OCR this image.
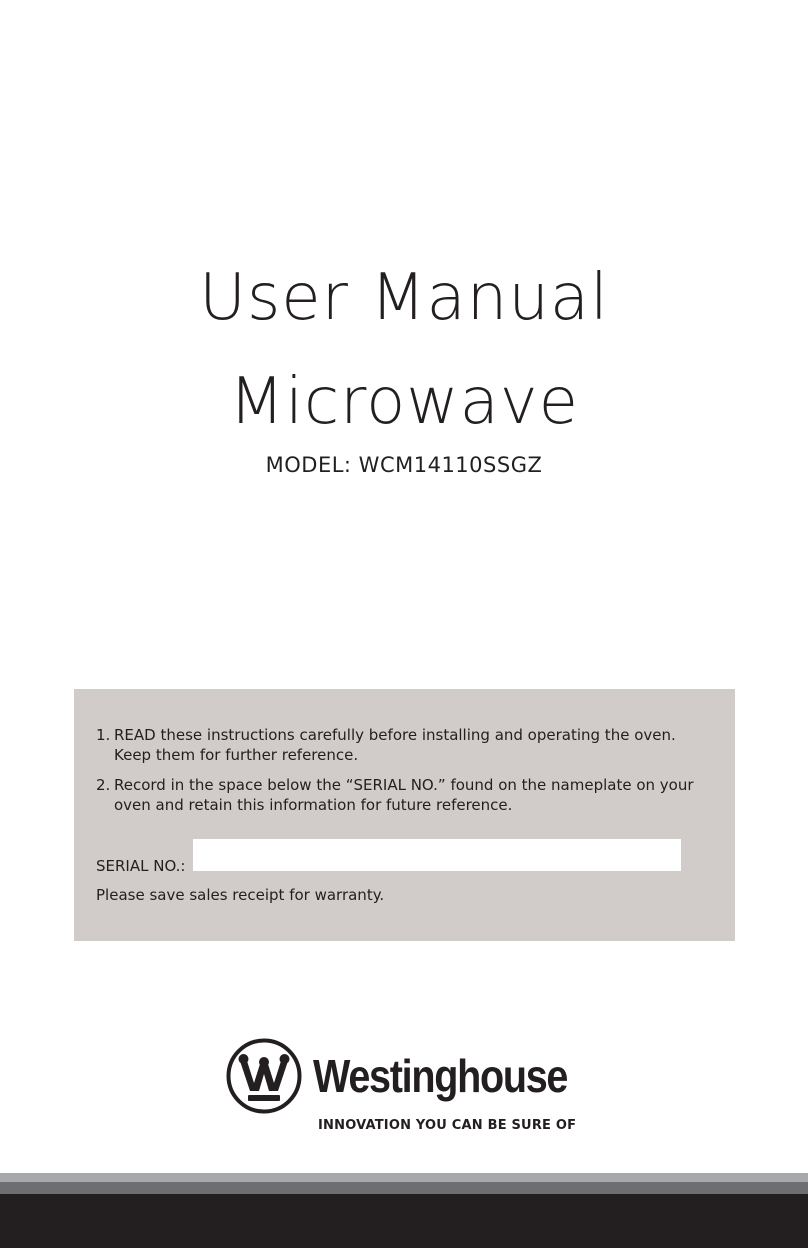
User Manual
Microwave
MODEL: WCM14110SSGZ
1. READ these instructions carefully before installing and operating the oven. Keep them for further reference.
2. Record in the space below the “SERIAL NO.” found on the nameplate on your oven and retain this information for future reference.
SERIAL NO.:
Please save sales receipt for warranty.
Westinghouse
INNOVATION YOU CAN BE SURE OF
